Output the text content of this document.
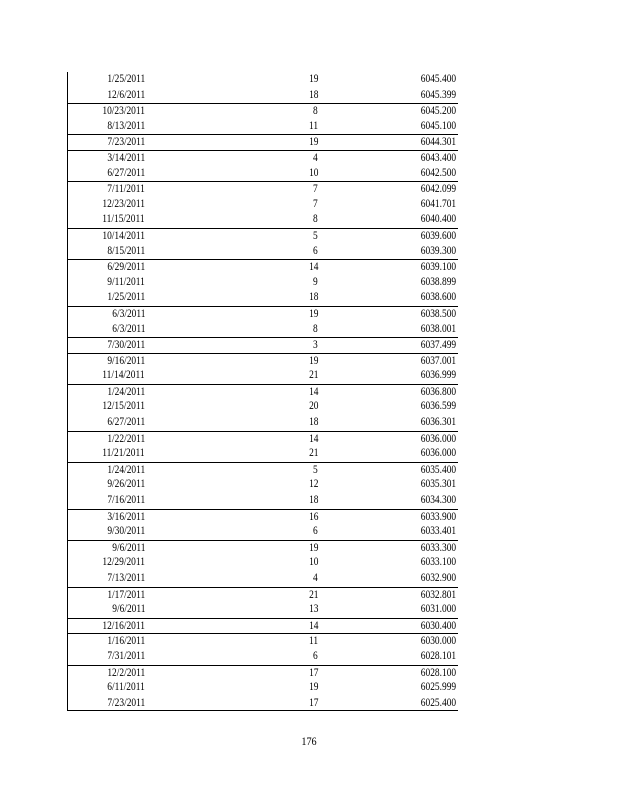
1/25/2011	19	6045.400
12/6/2011	18	6045.399
10/23/2011	8	6045.200
8/13/2011	11	6045.100
7/23/2011	19	6044.301
3/14/2011	4	6043.400
6/27/2011	10	6042.500
7/11/2011	7	6042.099
12/23/2011	7	6041.701
11/15/2011	8	6040.400
10/14/2011	5	6039.600
8/15/2011	6	6039.300
6/29/2011	14	6039.100
9/11/2011	9	6038.899
1/25/2011	18	6038.600
6/3/2011	19	6038.500
6/3/2011	8	6038.001
7/30/2011	3	6037.499
9/16/2011	19	6037.001
11/14/2011	21	6036.999
1/24/2011	14	6036.800
12/15/2011	20	6036.599
6/27/2011	18	6036.301
1/22/2011	14	6036.000
11/21/2011	21	6036.000
1/24/2011	5	6035.400
9/26/2011	12	6035.301
7/16/2011	18	6034.300
3/16/2011	16	6033.900
9/30/2011	6	6033.401
9/6/2011	19	6033.300
12/29/2011	10	6033.100
7/13/2011	4	6032.900
1/17/2011	21	6032.801
9/6/2011	13	6031.000
12/16/2011	14	6030.400
1/16/2011	11	6030.000
7/31/2011	6	6028.101
12/2/2011	17	6028.100
6/11/2011	19	6025.999
7/23/2011	17	6025.400
176
